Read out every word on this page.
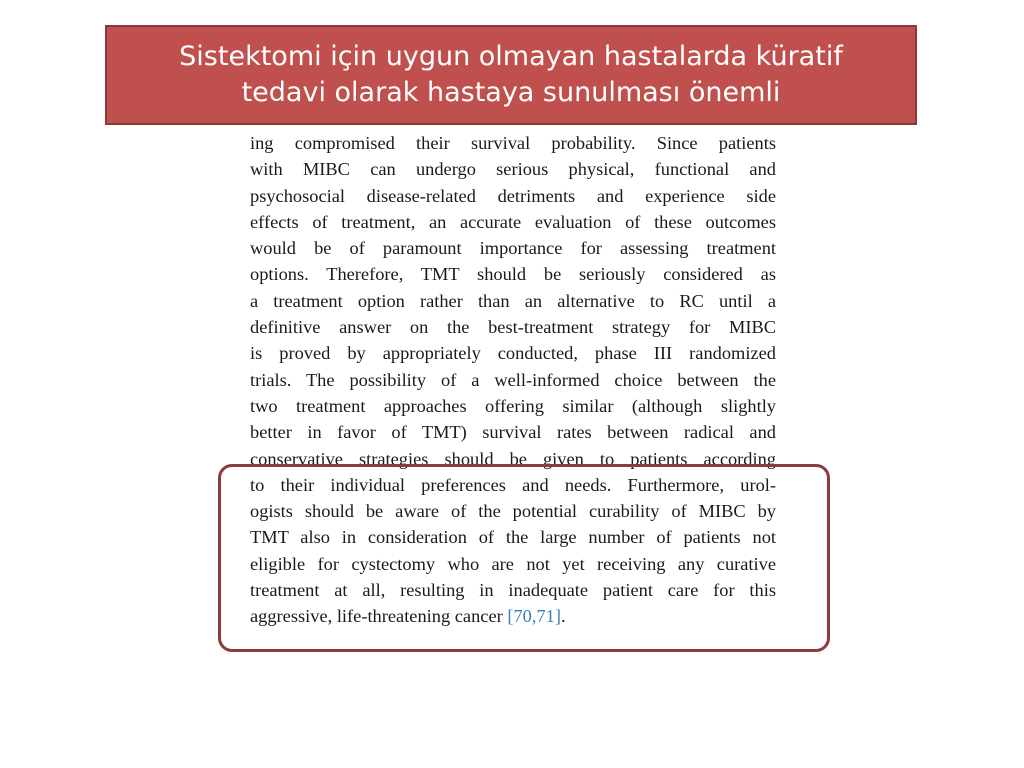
Sistektomi için uygun olmayan hastalarda küratif
tedavi olarak hastaya sunulması önemli
ing compromised their survival probability. Since patients
with MIBC can undergo serious physical, functional and
psychosocial disease-related detriments and experience side
effects of treatment, an accurate evaluation of these outcomes
would be of paramount importance for assessing treatment
options. Therefore, TMT should be seriously considered as
a treatment option rather than an alternative to RC until a
definitive answer on the best-treatment strategy for MIBC
is proved by appropriately conducted, phase III randomized
trials. The possibility of a well-informed choice between the
two treatment approaches offering similar (although slightly
better in favor of TMT) survival rates between radical and
conservative strategies should be given to patients according
to their individual preferences and needs. Furthermore, urol-
ogists should be aware of the potential curability of MIBC by
TMT also in consideration of the large number of patients not
eligible for cystectomy who are not yet receiving any curative
treatment at all, resulting in inadequate patient care for this
aggressive, life-threatening cancer [70,71].
